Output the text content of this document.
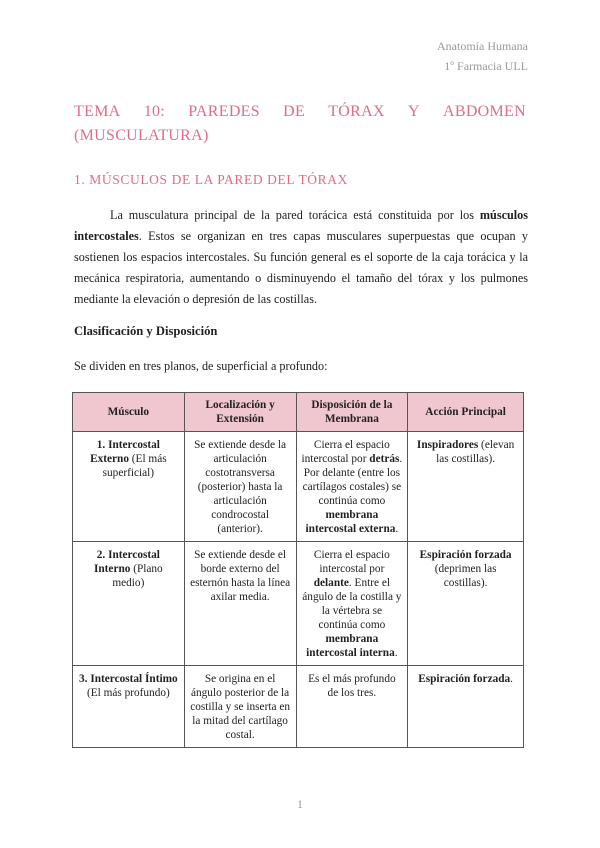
Anatomía Humana
1º Farmacia ULL
TEMA 10: PAREDES DE TÓRAX Y ABDOMEN
(MUSCULATURA)
1. MÚSCULOS DE LA PARED DEL TÓRAX

La musculatura principal de la pared torácica está constituida por los músculos intercostales. Estos se organizan en tres capas musculares superpuestas que ocupan y sostienen los espacios intercostales. Su función general es el soporte de la caja torácica y la mecánica respiratoria, aumentando o disminuyendo el tamaño del tórax y los pulmones mediante la elevación o depresión de las costillas.

Clasificación y Disposición
Se dividen en tres planos, de superficial a profundo:
Músculo	Localización y Extensión	Disposición de la Membrana	Acción Principal
1. Intercostal Externo (El más superficial)	Se extiende desde la articulación costotransversa (posterior) hasta la articulación condrocostal (anterior).	Cierra el espacio intercostal por detrás. Por delante (entre los cartílagos costales) se continúa como membrana intercostal externa.	Inspiradores (elevan las costillas).
2. Intercostal Interno (Plano medio)	Se extiende desde el borde externo del esternón hasta la línea axilar media.	Cierra el espacio intercostal por delante. Entre el ángulo de la costilla y la vértebra se continúa como membrana intercostal interna.	Espiración forzada (deprimen las costillas).
3. Intercostal Íntimo (El más profundo)	Se origina en el ángulo posterior de la costilla y se inserta en la mitad del cartílago costal.	Es el más profundo de los tres.	Espiración forzada.
1
